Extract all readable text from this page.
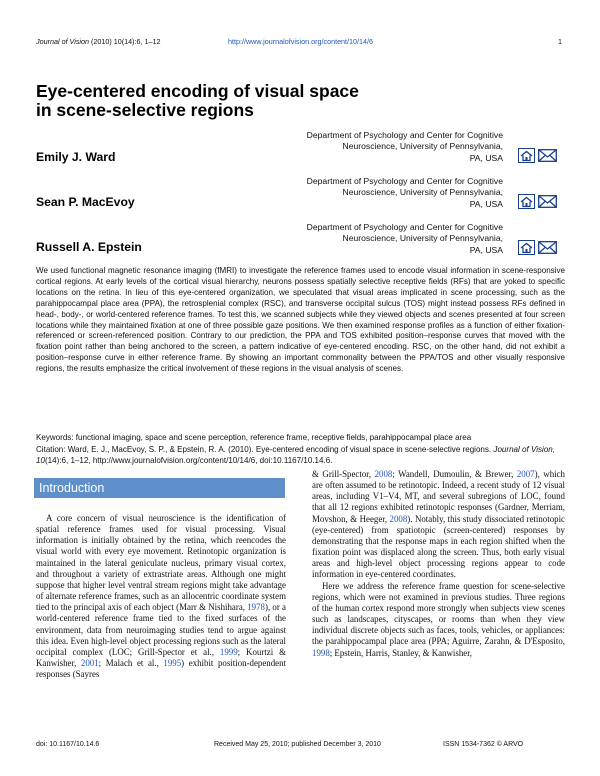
Journal of Vision (2010) 10(14):6, 1–12	http://www.journalofvision.org/content/10/14/6	1
Eye-centered encoding of visual space
in scene-selective regions
Emily J. Ward
Department of Psychology and Center for Cognitive
Neuroscience, University of Pennsylvania,
PA, USA
Sean P. MacEvoy
Department of Psychology and Center for Cognitive
Neuroscience, University of Pennsylvania,
PA, USA
Russell A. Epstein
Department of Psychology and Center for Cognitive
Neuroscience, University of Pennsylvania,
PA, USA
We used functional magnetic resonance imaging (fMRI) to investigate the reference frames used to encode visual information in scene-responsive cortical regions. At early levels of the cortical visual hierarchy, neurons possess spatially selective receptive fields (RFs) that are yoked to specific locations on the retina. In lieu of this eye-centered organization, we speculated that visual areas implicated in scene processing, such as the parahippocampal place area (PPA), the retrosplenial complex (RSC), and transverse occipital sulcus (TOS) might instead possess RFs defined in head-, body-, or world-centered reference frames. To test this, we scanned subjects while they viewed objects and scenes presented at four screen locations while they maintained fixation at one of three possible gaze positions. We then examined response profiles as a function of either fixation-referenced or screen-referenced position. Contrary to our prediction, the PPA and TOS exhibited position–response curves that moved with the fixation point rather than being anchored to the screen, a pattern indicative of eye-centered encoding. RSC, on the other hand, did not exhibit a position–response curve in either reference frame. By showing an important commonality between the PPA/TOS and other visually responsive regions, the results emphasize the critical involvement of these regions in the visual analysis of scenes.
Keywords: functional imaging, space and scene perception, reference frame, receptive fields, parahippocampal place area
Citation: Ward, E. J., MacEvoy, S. P., & Epstein, R. A. (2010). Eye-centered encoding of visual space in scene-selective regions. Journal of Vision, 10(14):6, 1–12, http://www.journalofvision.org/content/10/14/6, doi:10.1167/10.14.6.
Introduction

A core concern of visual neuroscience is the identification of spatial reference frames used for visual processing. Visual information is initially obtained by the retina, which reencodes the visual world with every eye movement. Retinotopic organization is maintained in the lateral geniculate nucleus, primary visual cortex, and throughout a variety of extrastriate areas. Although one might suppose that higher level ventral stream regions might take advantage of alternate reference frames, such as an allocentric coordinate system tied to the principal axis of each object (Marr & Nishihara, 1978), or a world-centered reference frame tied to the fixed surfaces of the environment, data from neuroimaging studies tend to argue against this idea. Even high-level object processing regions such as the lateral occipital complex (LOC; Grill-Spector et al., 1999; Kourtzi & Kanwisher, 2001; Malach et al., 1995) exhibit position-dependent responses (Sayres

& Grill-Spector, 2008; Wandell, Dumoulin, & Brewer, 2007), which are often assumed to be retinotopic. Indeed, a recent study of 12 visual areas, including V1–V4, MT, and several subregions of LOC, found that all 12 regions exhibited retinotopic responses (Gardner, Merriam, Movshon, & Heeger, 2008). Notably, this study dissociated retinotopic (eye-centered) from spatiotopic (screen-centered) responses by demonstrating that the response maps in each region shifted when the fixation point was displaced along the screen. Thus, both early visual areas and high-level object processing regions appear to code information in eye-centered coordinates.

Here we address the reference frame question for scene-selective regions, which were not examined in previous studies. Three regions of the human cortex respond more strongly when subjects view scenes such as landscapes, cityscapes, or rooms than when they view individual discrete objects such as faces, tools, vehicles, or appliances: the parahippocampal place area (PPA; Aguirre, Zarahn, & D'Esposito, 1998; Epstein, Harris, Stanley, & Kanwisher,

doi: 10.1167/10.14.6	Received May 25, 2010; published December 3, 2010	ISSN 1534-7362 © ARVO
